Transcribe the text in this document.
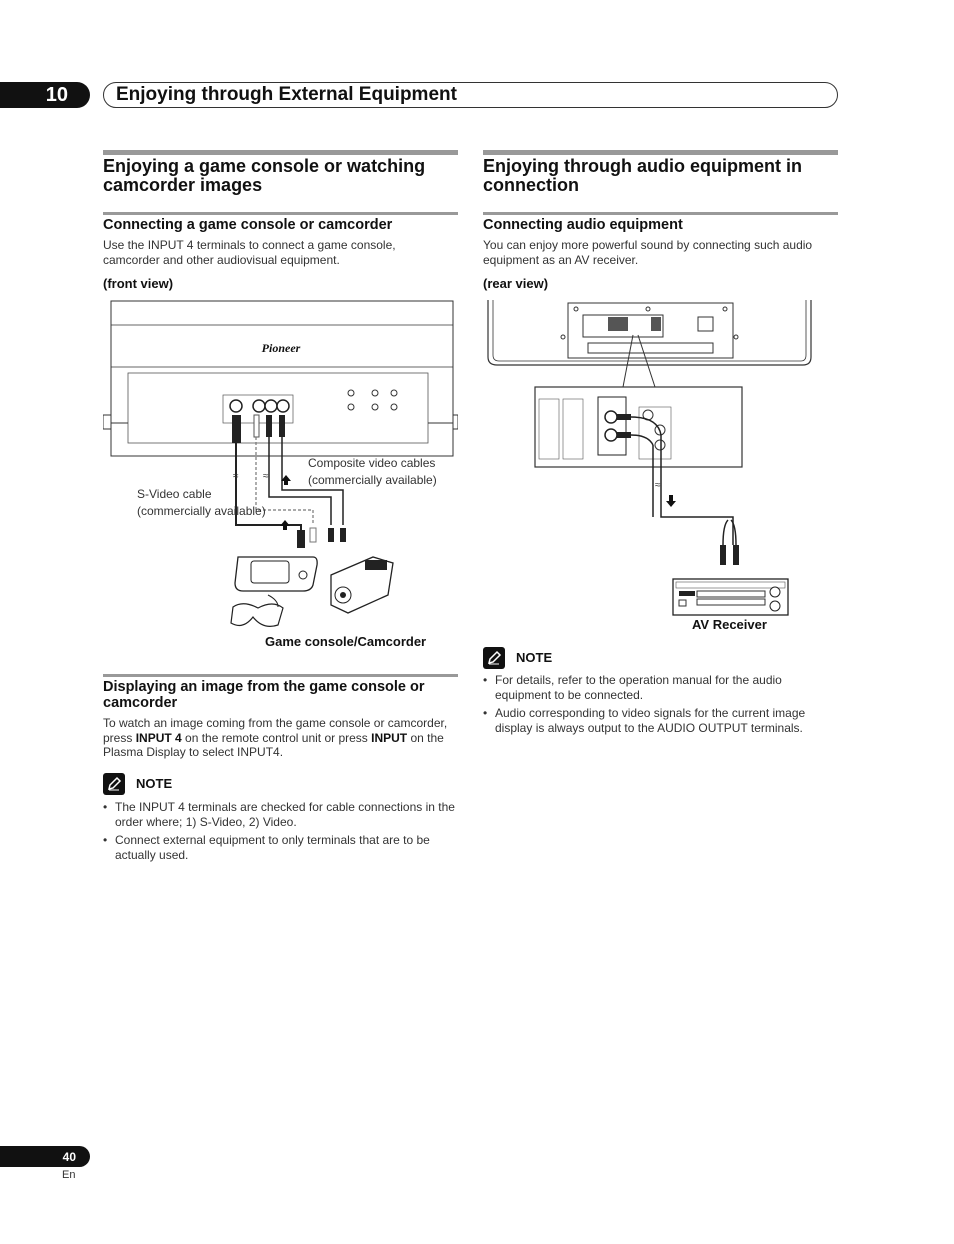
10	Enjoying through External Equipment
Enjoying a game console or watching
camcorder images
Connecting a game console or camcorder
Use the INPUT 4 terminals to connect a game console, camcorder and other audiovisual equipment.
(front view)
Pioneer
≈ ≈
Composite video cables
(commercially available)
S-Video cable
(commercially available)
Game console/Camcorder
Displaying an image from the game console or
camcorder
To watch an image coming from the game console or camcorder, press INPUT 4 on the remote control unit or press INPUT on the Plasma Display to select INPUT4.
NOTE
• The INPUT 4 terminals are checked for cable connections in the order where; 1) S-Video, 2) Video.
• Connect external equipment to only terminals that are to be actually used.
Enjoying through audio equipment in
connection
Connecting audio equipment
You can enjoy more powerful sound by connecting such audio equipment as an AV receiver.
(rear view)
≈
AV Receiver
NOTE
• For details, refer to the operation manual for the audio equipment to be connected.
• Audio corresponding to video signals for the current image display is always output to the AUDIO OUTPUT terminals.
40
En
